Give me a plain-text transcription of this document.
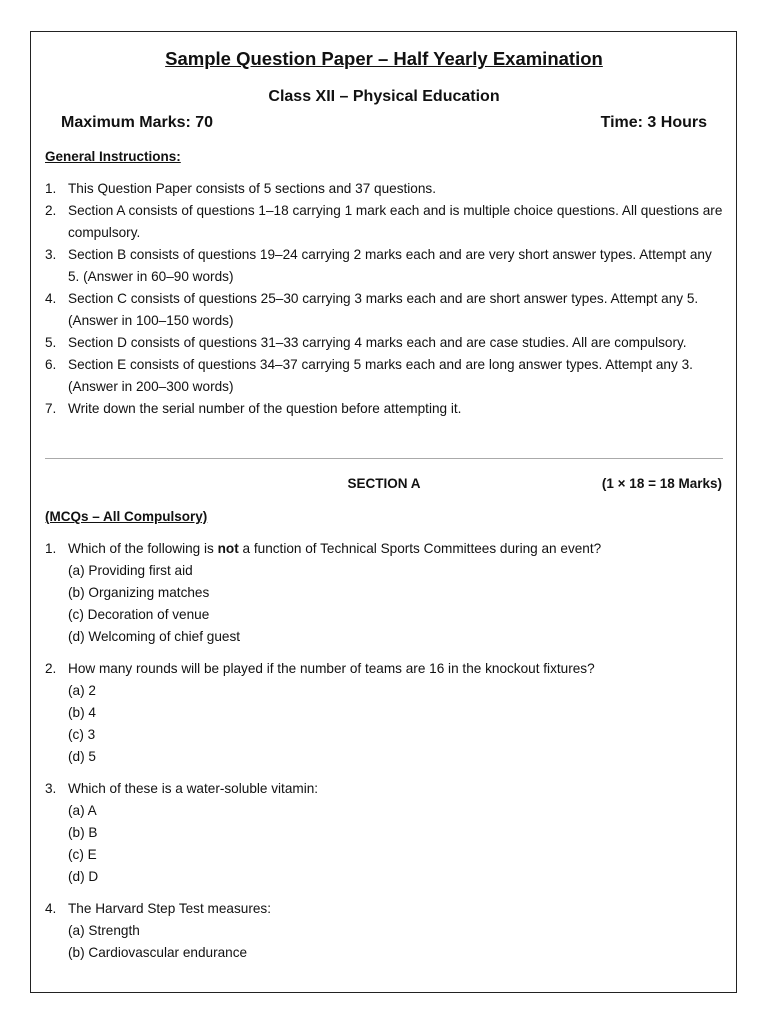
Sample Question Paper – Half Yearly Examination
Class XII – Physical Education
Maximum Marks: 70	Time: 3 Hours
General Instructions:
1. This Question Paper consists of 5 sections and 37 questions.
2. Section A consists of questions 1–18 carrying 1 mark each and is multiple choice questions. All questions are compulsory.
3. Section B consists of questions 19–24 carrying 2 marks each and are very short answer types. Attempt any 5. (Answer in 60–90 words)
4. Section C consists of questions 25–30 carrying 3 marks each and are short answer types. Attempt any 5. (Answer in 100–150 words)
5. Section D consists of questions 31–33 carrying 4 marks each and are case studies. All are compulsory.
6. Section E consists of questions 34–37 carrying 5 marks each and are long answer types. Attempt any 3. (Answer in 200–300 words)
7. Write down the serial number of the question before attempting it.
SECTION A	(1 × 18 = 18 Marks)
(MCQs – All Compulsory)
1. Which of the following is not a function of Technical Sports Committees during an event?
(a) Providing first aid
(b) Organizing matches
(c) Decoration of venue
(d) Welcoming of chief guest
2. How many rounds will be played if the number of teams are 16 in the knockout fixtures?
(a) 2
(b) 4
(c) 3
(d) 5
3. Which of these is a water-soluble vitamin:
(a) A
(b) B
(c) E
(d) D
4. The Harvard Step Test measures:
(a) Strength
(b) Cardiovascular endurance
